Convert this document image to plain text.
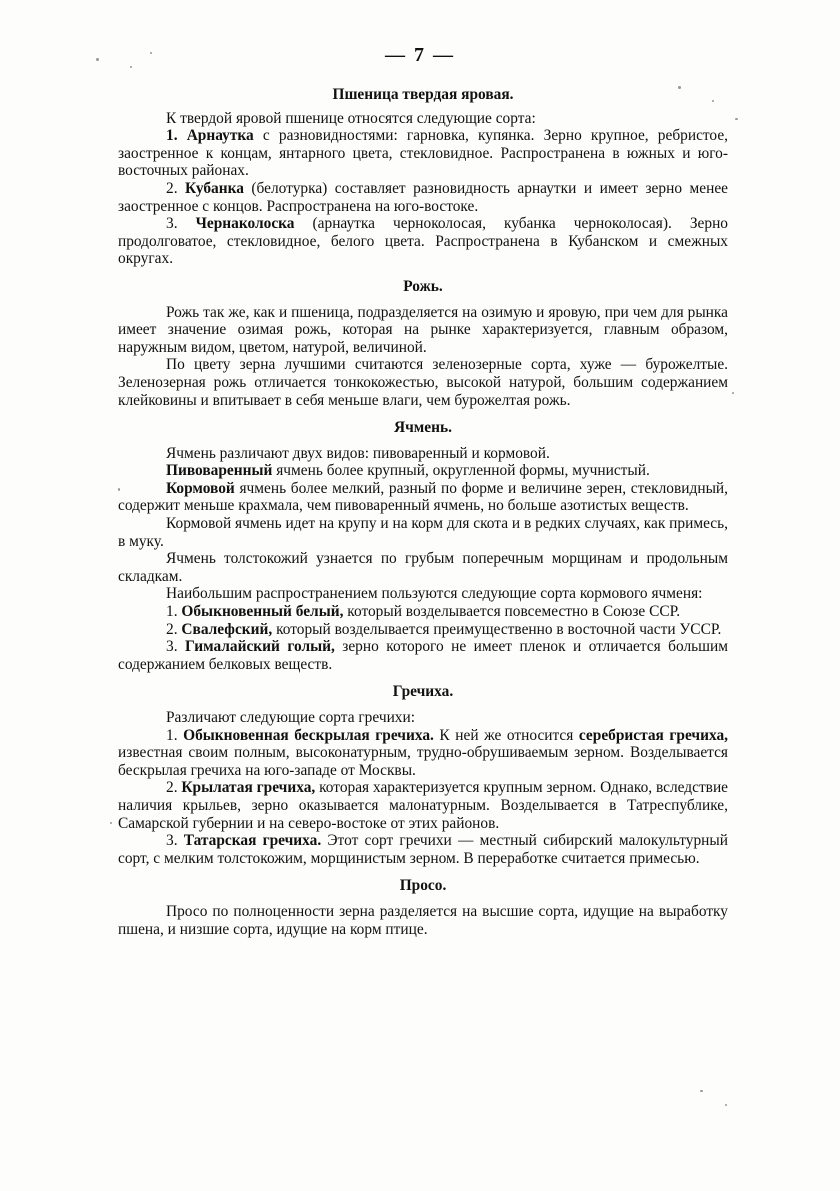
— 7 —
Пшеница твердая яровая.

К твердой яровой пшенице относятся следующие сорта:

1. Арнаутка с разновидностями: гарновка, купянка. Зерно крупное, ребристое, заостренное к концам, янтарного цвета, стекловидное. Распространена в южных и юго-восточных районах.

2. Кубанка (белотурка) составляет разновидность арнаутки и имеет зерно менее заостренное с концов. Распространена на юго-востоке.

3. Чернаколоска (арнаутка черноколосая, кубанка черноколосая). Зерно продолговатое, стекловидное, белого цвета. Распространена в Кубанском и смежных округах.

Рожь.

Рожь так же, как и пшеница, подразделяется на озимую и яровую, при чем для рынка имеет значение озимая рожь, которая на рынке характеризуется, главным образом, наружным видом, цветом, натурой, величиной.

По цвету зерна лучшими считаются зеленозерные сорта, хуже — бурожелтые. Зеленозерная рожь отличается тонкокожестью, высокой натурой, большим содержанием клейковины и впитывает в себя меньше влаги, чем бурожелтая рожь.

Ячмень.

Ячмень различают двух видов: пивоваренный и кормовой.

Пивоваренный ячмень более крупный, округленной формы, мучнистый.

Кормовой ячмень более мелкий, разный по форме и величине зерен, стекловидный, содержит меньше крахмала, чем пивоваренный ячмень, но больше азотистых веществ.

Кормовой ячмень идет на крупу и на корм для скота и в редких случаях, как примесь, в муку.

Ячмень толстокожий узнается по грубым поперечным морщинам и продольным складкам.

Наибольшим распространением пользуются следующие сорта кормового ячменя:

1. Обыкновенный белый, который возделывается повсеместно в Союзе ССР.

2. Свалефский, который возделывается преимущественно в восточной части УССР.

3. Гималайский голый, зерно которого не имеет пленок и отличается большим содержанием белковых веществ.

Гречиха.

Различают следующие сорта гречихи:

1. Обыкновенная бескрылая гречиха. К ней же относится серебристая гречиха, известная своим полным, высоконатурным, трудно-обрушиваемым зерном. Возделывается бескрылая гречиха на юго-западе от Москвы.

2. Крылатая гречиха, которая характеризуется крупным зерном. Однако, вследствие наличия крыльев, зерно оказывается малонатурным. Возделывается в Татреспублике, Самарской губернии и на северо-востоке от этих районов.

3. Татарская гречиха. Этот сорт гречихи — местный сибирский малокультурный сорт, с мелким толстокожим, морщинистым зерном. В переработке считается примесью.

Просо.

Просо по полноценности зерна разделяется на высшие сорта, идущие на выработку пшена, и низшие сорта, идущие на корм птице.
